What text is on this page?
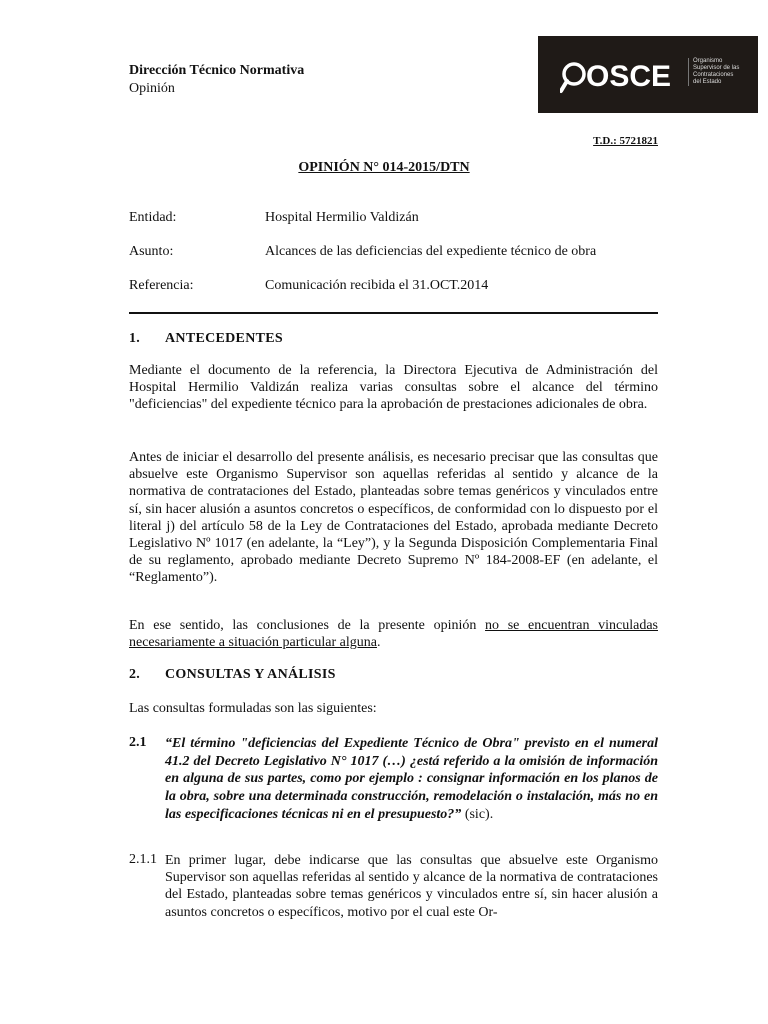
Dirección Técnico Normativa
Opinión	OSCE	Organismo
Supervisor de las
Contrataciones
del Estado
T.D.: 5721821
OPINIÓN N° 014-2015/DTN
Entidad:	Hospital Hermilio Valdizán
Asunto:	Alcances de las deficiencias del expediente técnico de obra
Referencia:	Comunicación recibida el 31.OCT.2014
1. ANTECEDENTES
Mediante el documento de la referencia, la Directora Ejecutiva de Administración del Hospital Hermilio Valdizán realiza varias consultas sobre el alcance del término "deficiencias" del expediente técnico para la aprobación de prestaciones adicionales de obra.
Antes de iniciar el desarrollo del presente análisis, es necesario precisar que las consultas que absuelve este Organismo Supervisor son aquellas referidas al sentido y alcance de la normativa de contrataciones del Estado, planteadas sobre temas genéricos y vinculados entre sí, sin hacer alusión a asuntos concretos o específicos, de conformidad con lo dispuesto por el literal j) del artículo 58 de la Ley de Contrataciones del Estado, aprobada mediante Decreto Legislativo Nº 1017 (en adelante, la “Ley”), y la Segunda Disposición Complementaria Final de su reglamento, aprobado mediante Decreto Supremo Nº 184-2008-EF (en adelante, el “Reglamento”).
En ese sentido, las conclusiones de la presente opinión no se encuentran vinculadas necesariamente a situación particular alguna.
2. CONSULTAS Y ANÁLISIS
Las consultas formuladas son las siguientes:
2.1 “El término "deficiencias del Expediente Técnico de Obra" previsto en el numeral 41.2 del Decreto Legislativo N° 1017 (…) ¿está referido a la omisión de información en alguna de sus partes, como por ejemplo : consignar información en los planos de la obra, sobre una determinada construcción, remodelación o instalación, más no en las especificaciones técnicas ni en el presupuesto?” (sic).
2.1.1 En primer lugar, debe indicarse que las consultas que absuelve este Organismo Supervisor son aquellas referidas al sentido y alcance de la normativa de contrataciones del Estado, planteadas sobre temas genéricos y vinculados entre sí, sin hacer alusión a asuntos concretos o específicos, motivo por el cual este Or-
